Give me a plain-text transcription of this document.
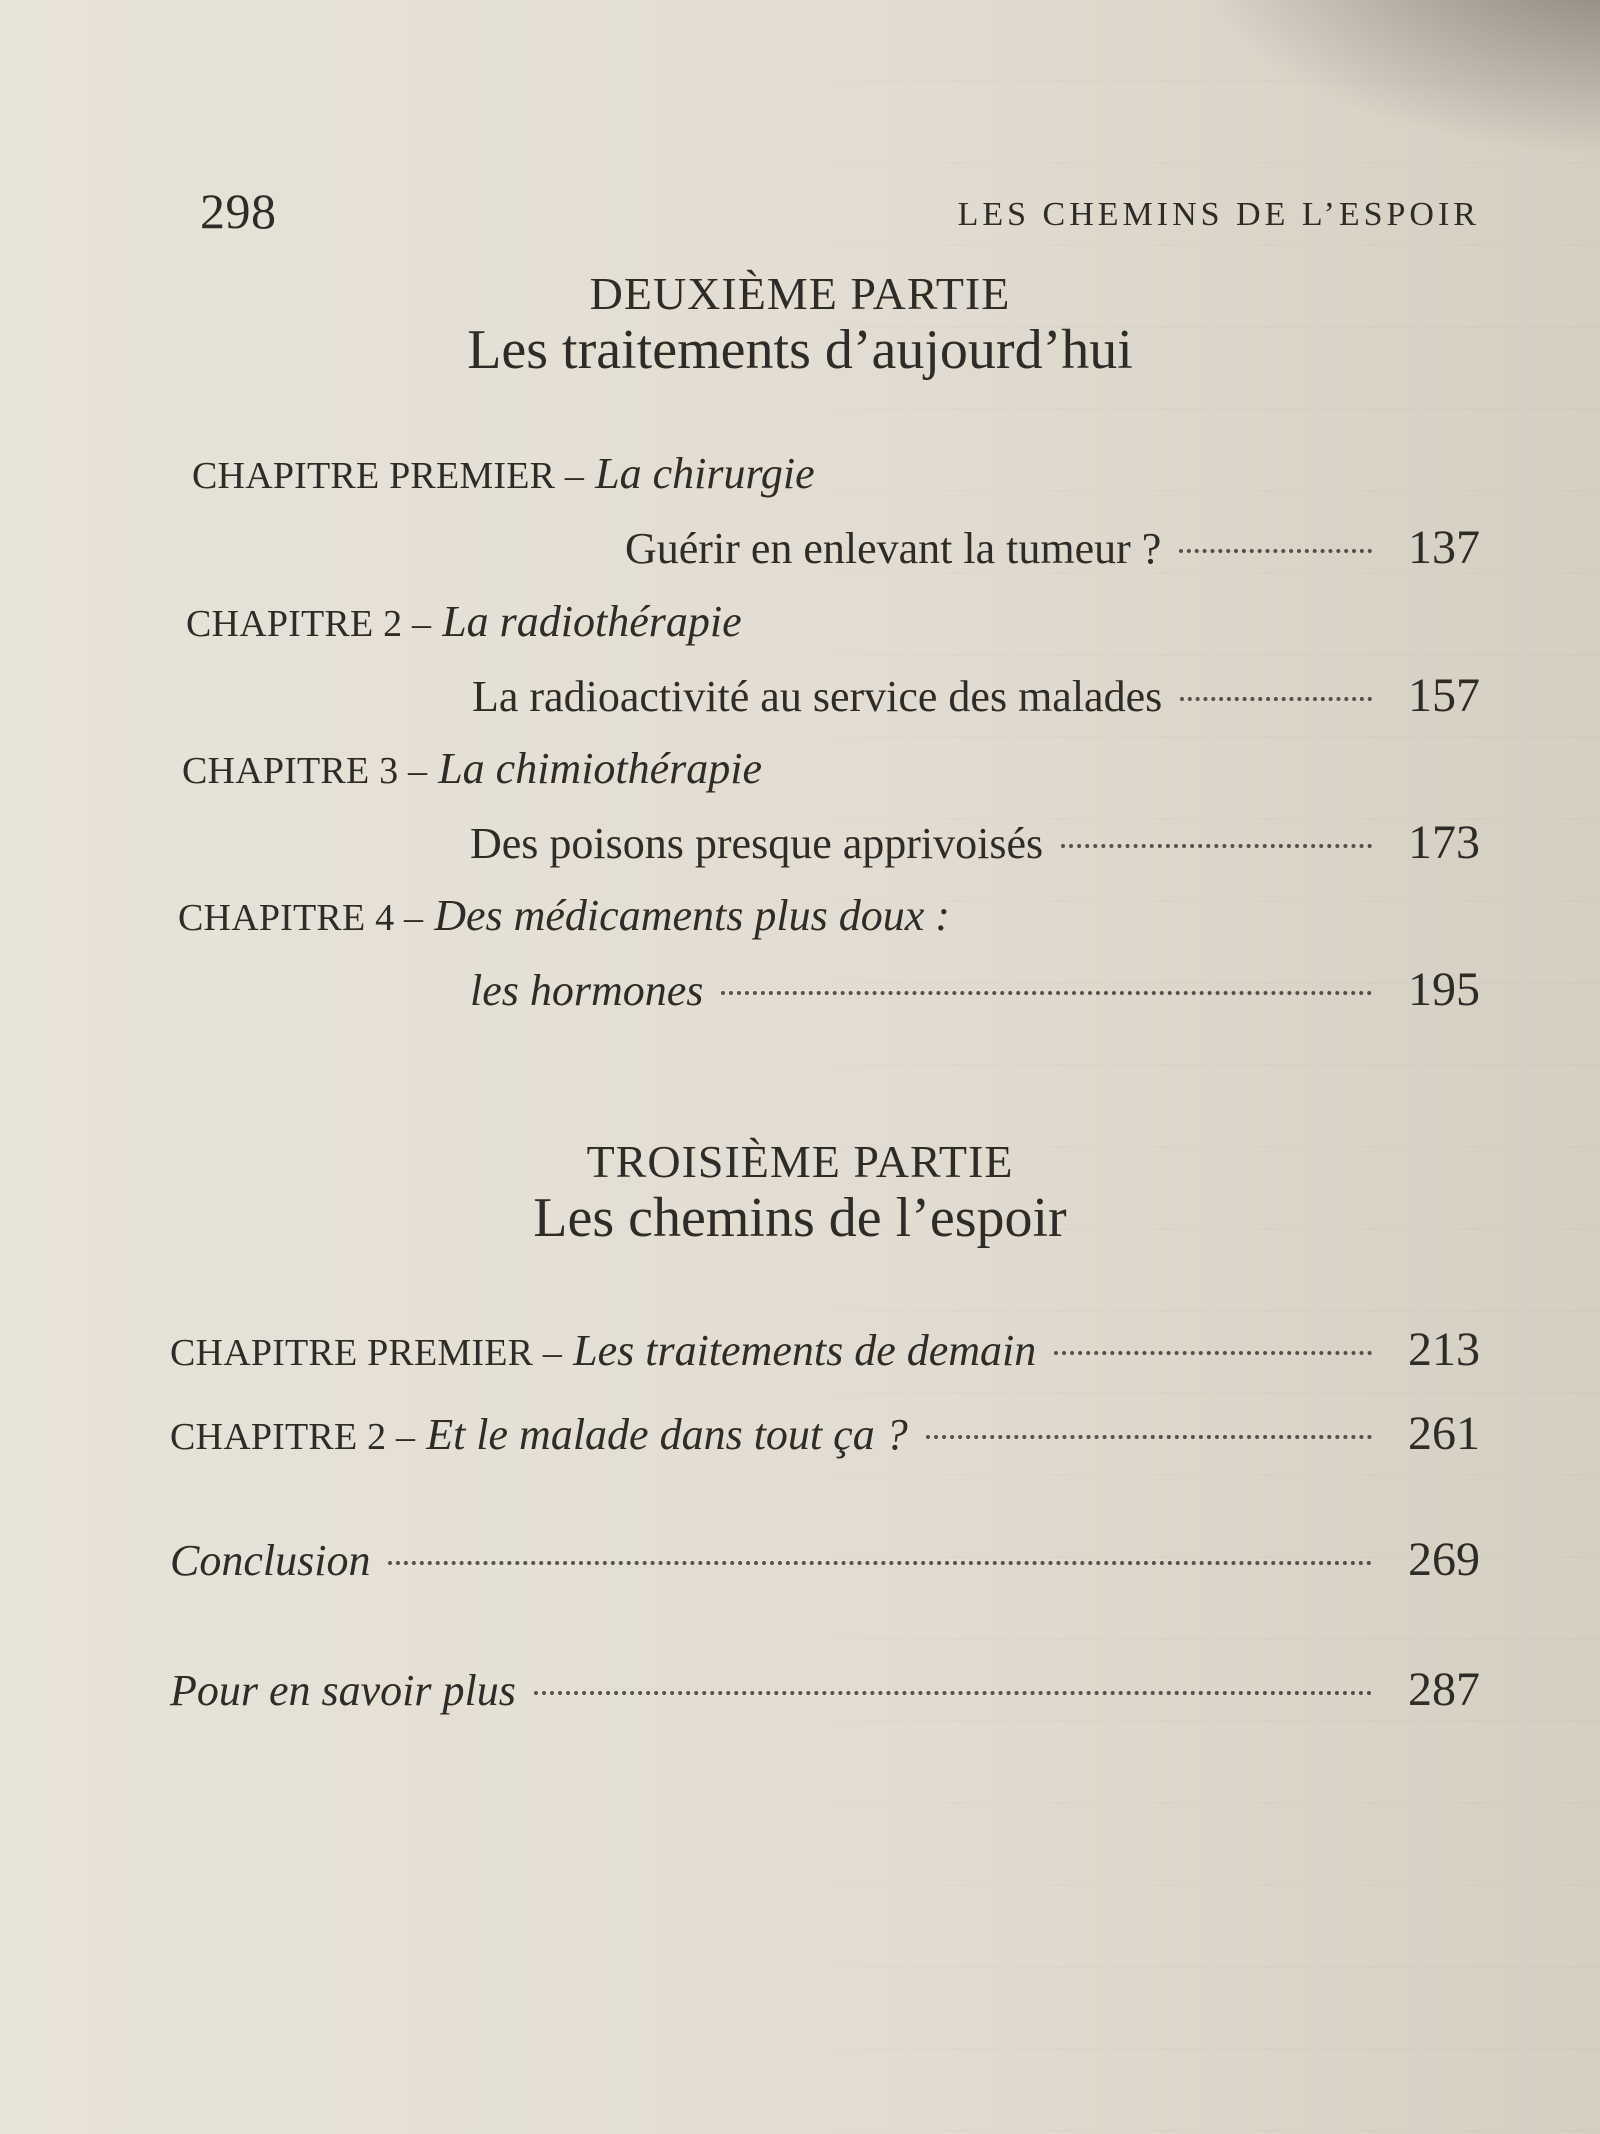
298	LES CHEMINS DE L’ESPOIR
DEUXIÈME PARTIE
Les traitements d’aujourd’hui
CHAPITRE PREMIER – La chirurgie
Guérir en enlevant la tumeur ?	137
CHAPITRE 2 – La radiothérapie
La radioactivité au service des malades	157
CHAPITRE 3 – La chimiothérapie
Des poisons presque apprivoisés	173
CHAPITRE 4 – Des médicaments plus doux :
les hormones	195
TROISIÈME PARTIE
Les chemins de l’espoir
CHAPITRE PREMIER – Les traitements de demain	213
CHAPITRE 2 – Et le malade dans tout ça ?	261
Conclusion	269
Pour en savoir plus	287
